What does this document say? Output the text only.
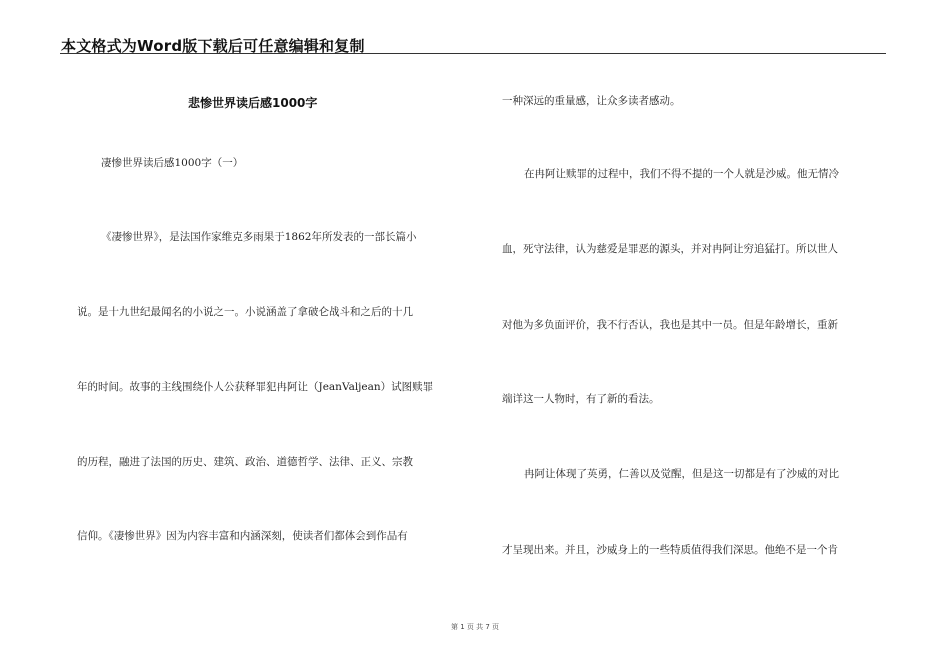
本文格式为Word版下载后可任意编辑和复制
悲惨世界读后感1000字
凄惨世界读后感1000字（一）
《凄惨世界》，是法国作家维克多雨果于1862年所发表的一部长篇小
说。是十九世纪最闻名的小说之一。小说涵盖了拿破仑战斗和之后的十几
年的时间。故事的主线围绕仆人公获释罪犯冉阿让（JeanValjean）试图赎罪
的历程，融进了法国的历史、建筑、政治、道德哲学、法律、正义、宗教
信仰。《凄惨世界》因为内容丰富和内涵深刻，使读者们都体会到作品有
一种深远的重量感，让众多读者感动。
在冉阿让赎罪的过程中，我们不得不提的一个人就是沙威。他无情冷
血，死守法律，认为慈爱是罪恶的源头，并对冉阿让穷追猛打。所以世人
对他为多负面评价，我不行否认，我也是其中一员。但是年龄增长，重新
端详这一人物时，有了新的看法。
冉阿让体现了英勇，仁善以及觉醒，但是这一切都是有了沙威的对比
才呈现出来。并且，沙威身上的一些特质值得我们深思。他绝不是一个肯
第 1 页 共 7 页
